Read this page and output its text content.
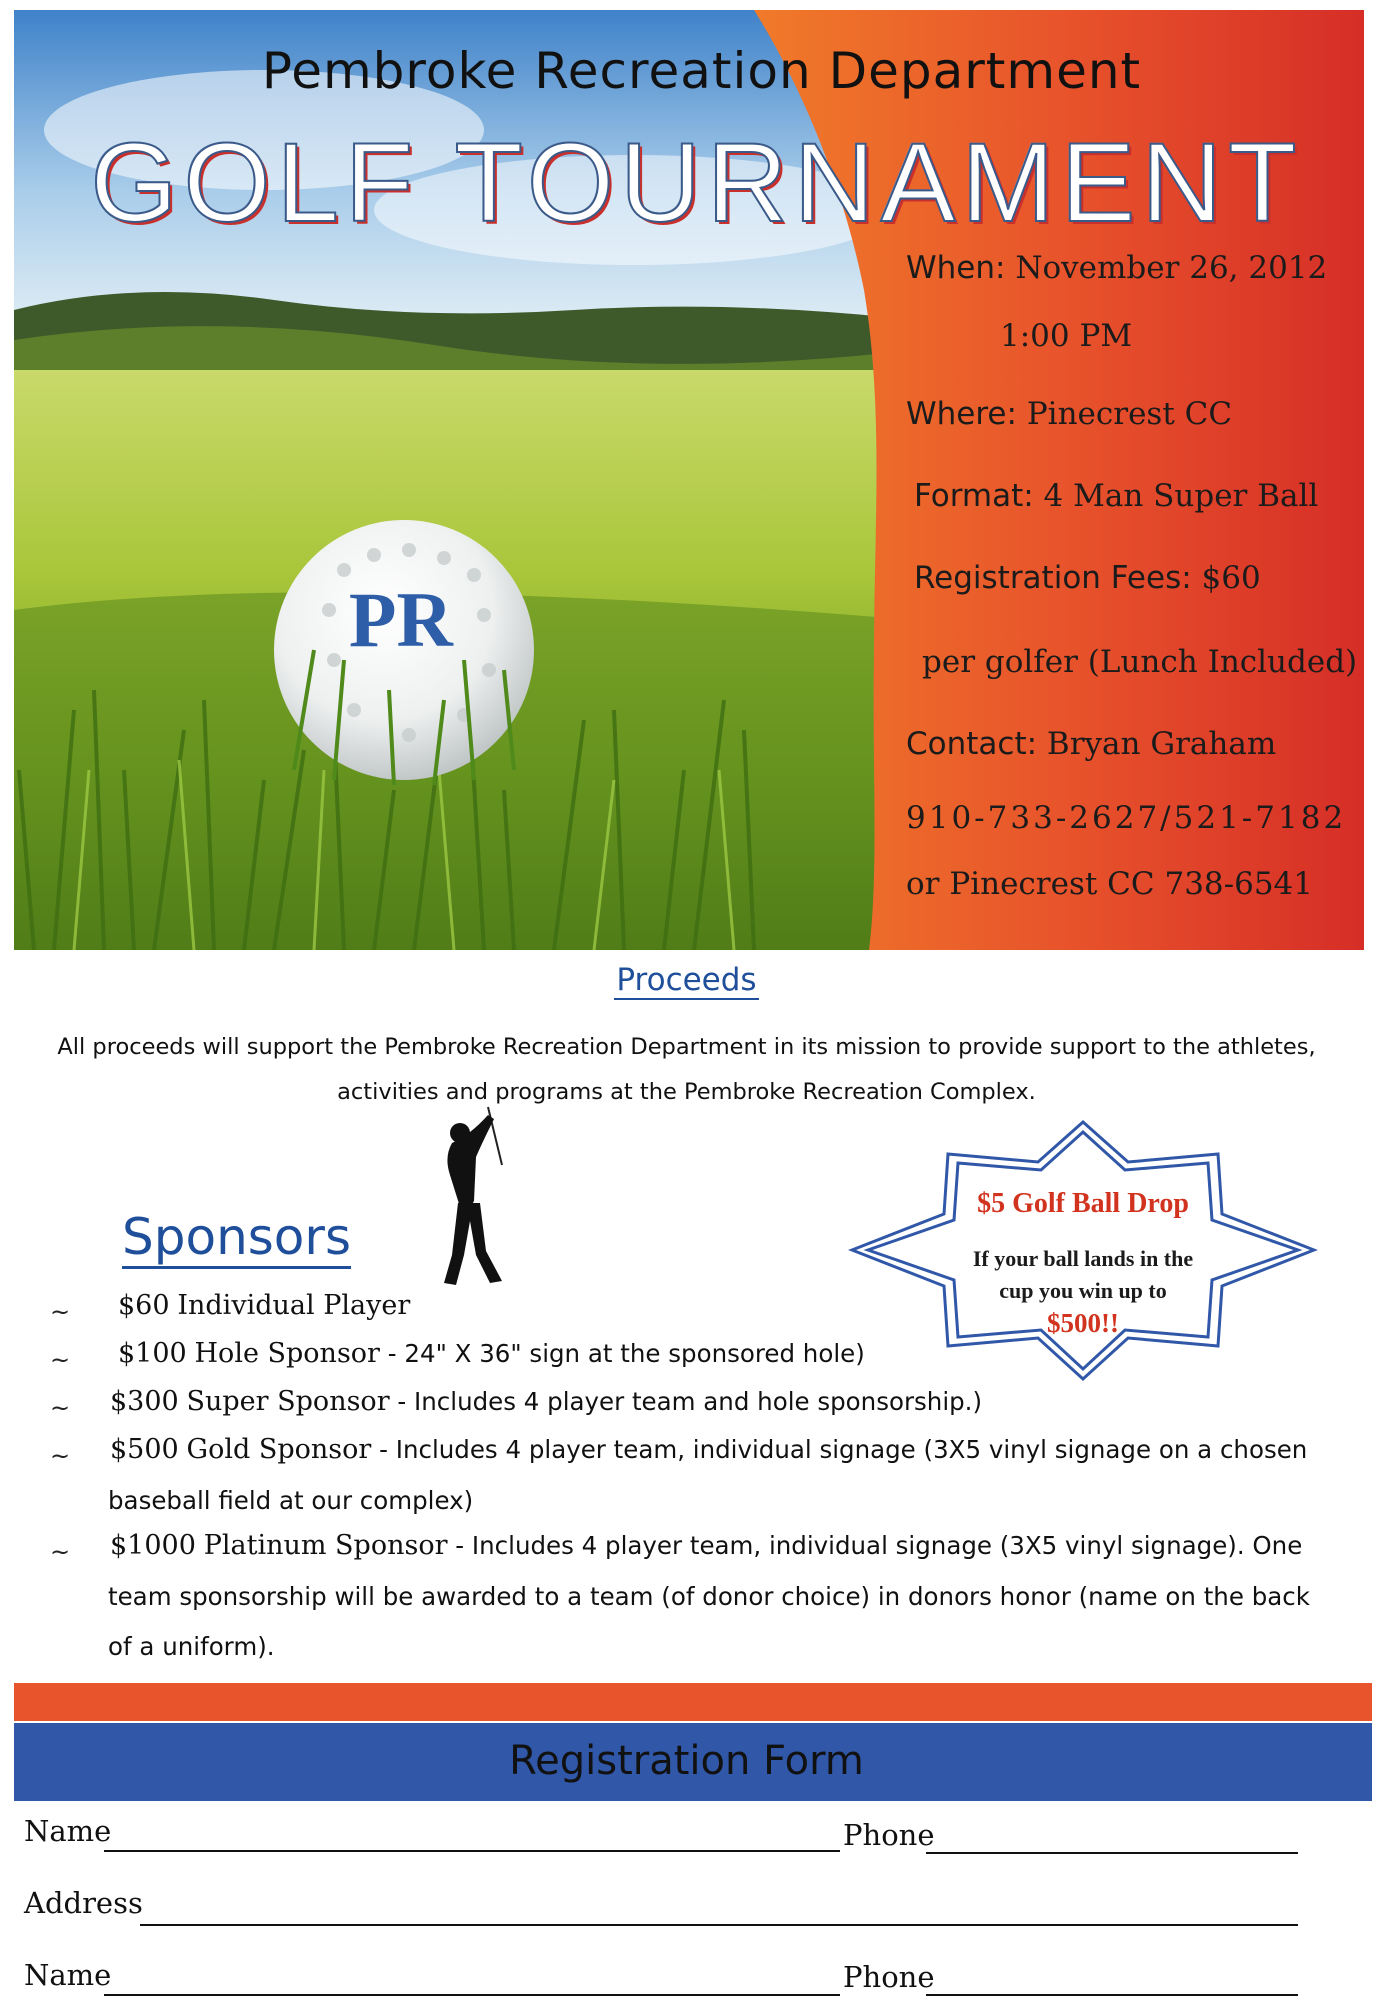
PR
Pembroke Recreation Department
GOLF TOURNAMENT
When: November 26, 2012
1:00 PM
Where: Pinecrest CC
Format: 4 Man Super Ball
Registration Fees: $60
per golfer (Lunch Included)
Contact: Bryan Graham
910-733-2627/521-7182
or Pinecrest CC 738-6541
Proceeds
All proceeds will support the Pembroke Recreation Department in its mission to provide support to the athletes,
activities and programs at the Pembroke Recreation Complex.
Sponsors
$5 Golf Ball Drop
If your ball lands in the
cup you win up to
$500!!
~ $60 Individual Player
~ $100 Hole Sponsor - 24" X 36" sign at the sponsored hole)
~ $300 Super Sponsor - Includes 4 player team and hole sponsorship.)
~ $500 Gold Sponsor - Includes 4 player team, individual signage (3X5 vinyl signage on a chosen
baseball field at our complex)
~ $1000 Platinum Sponsor - Includes 4 player team, individual signage (3X5 vinyl signage). One
team sponsorship will be awarded to a team (of donor choice) in donors honor (name on the back
of a uniform).
Registration Form
Name	Phone
Address
Name	Phone
